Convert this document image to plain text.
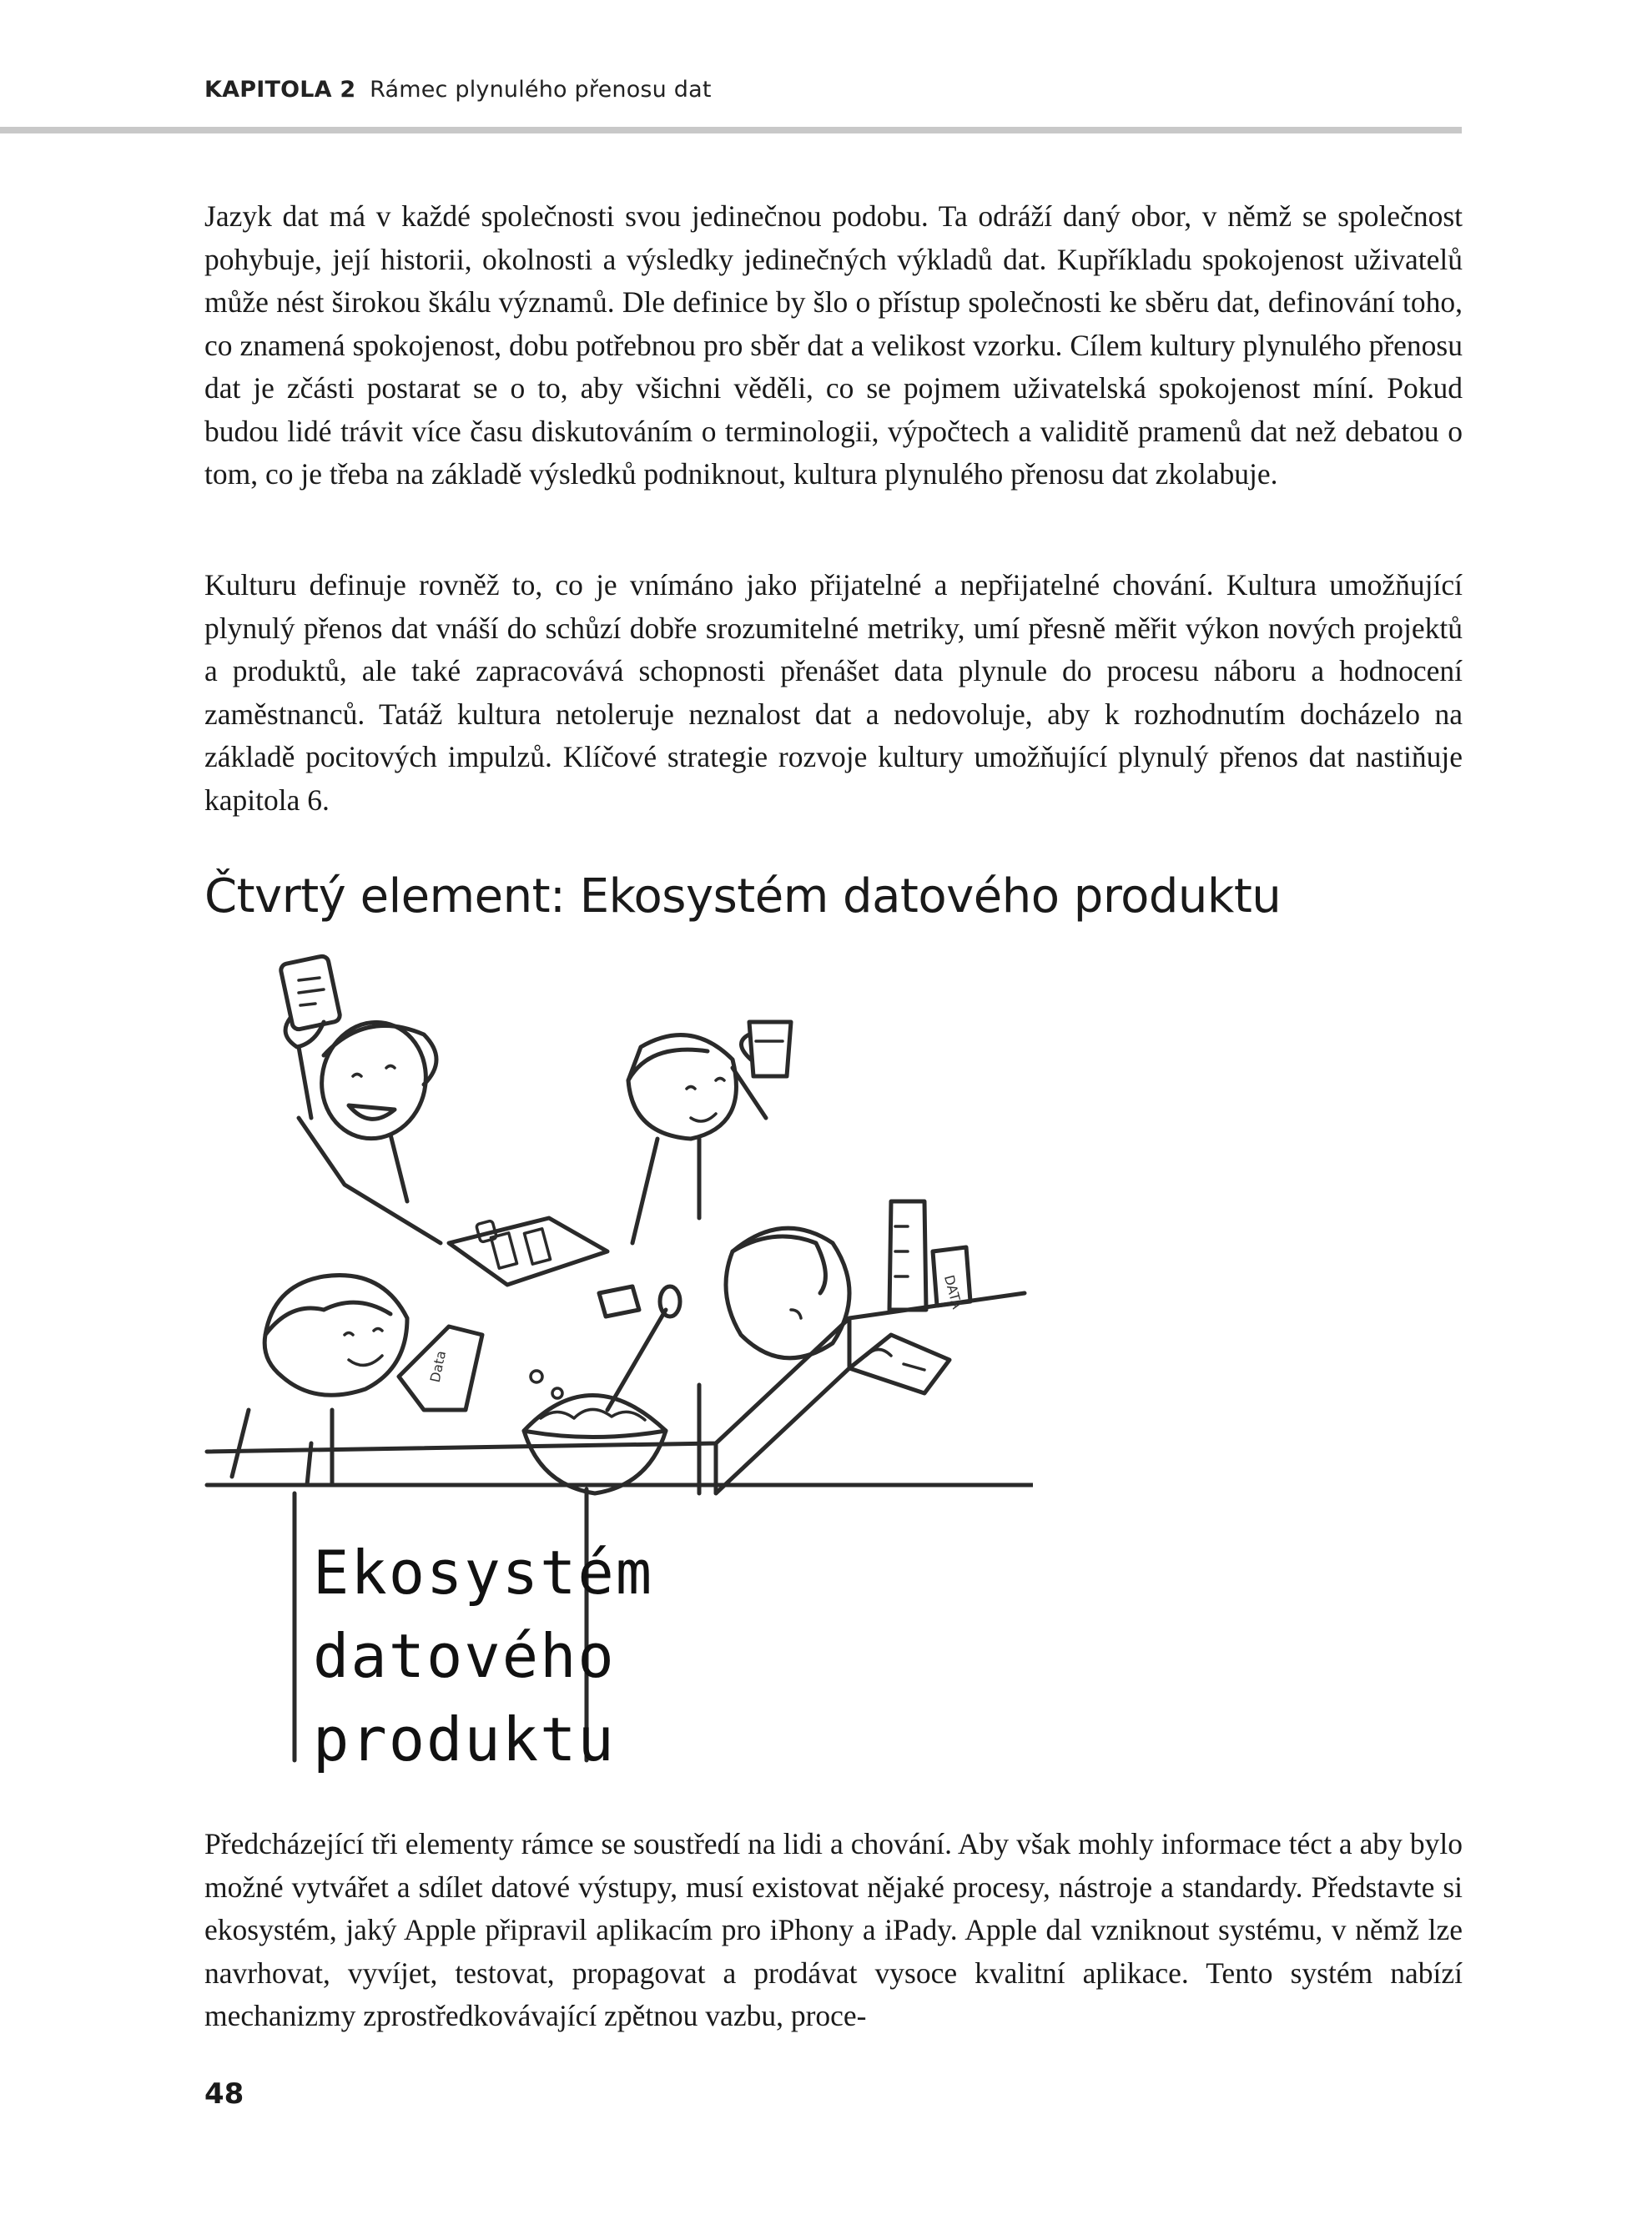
KAPITOLA 2 Rámec plynulého přenosu dat

Jazyk dat má v každé společnosti svou jedinečnou podobu. Ta odráží daný obor, v němž se společnost pohybuje, její historii, okolnosti a výsledky jedinečných výkladů dat. Kupříkladu spokojenost uživatelů může nést širokou škálu významů. Dle definice by šlo o přístup společnosti ke sběru dat, definování toho, co znamená spokojenost, dobu potřebnou pro sběr dat a velikost vzorku. Cílem kultury plynulého přenosu dat je zčásti postarat se o to, aby všichni věděli, co se pojmem uživatelská spokojenost míní. Pokud budou lidé trávit více času diskutováním o terminologii, výpočtech a validitě pramenů dat než debatou o tom, co je třeba na základě výsledků podniknout, kultura plynulého přenosu dat zkolabuje.

Kulturu definuje rovněž to, co je vnímáno jako přijatelné a nepřijatelné chování. Kultura umožňující plynulý přenos dat vnáší do schůzí dobře srozumitelné metriky, umí přesně měřit výkon nových projektů a produktů, ale také zapracovává schopnosti přenášet data plynule do procesu náboru a hodnocení zaměstnanců. Tatáž kultura netoleruje neznalost dat a nedovoluje, aby k rozhodnutím docházelo na základě pocitových impulzů. Klíčové strategie rozvoje kultury umožňující plynulý přenos dat nastiňuje kapitola 6.

Čtvrtý element: Ekosystém datového produktu
DATA
Data
Ekosystém
datového
produktu

Předcházející tři elementy rámce se soustředí na lidi a chování. Aby však mohly informace téct a aby bylo možné vytvářet a sdílet datové výstupy, musí existovat nějaké procesy, nástroje a standardy. Představte si ekosystém, jaký Apple připravil aplikacím pro iPhony a iPady. Apple dal vzniknout systému, v němž lze navrhovat, vyvíjet, testovat, propagovat a prodávat vysoce kvalitní aplikace. Tento systém nabízí mechanizmy zprostředkovávající zpětnou vazbu, proce-

48
